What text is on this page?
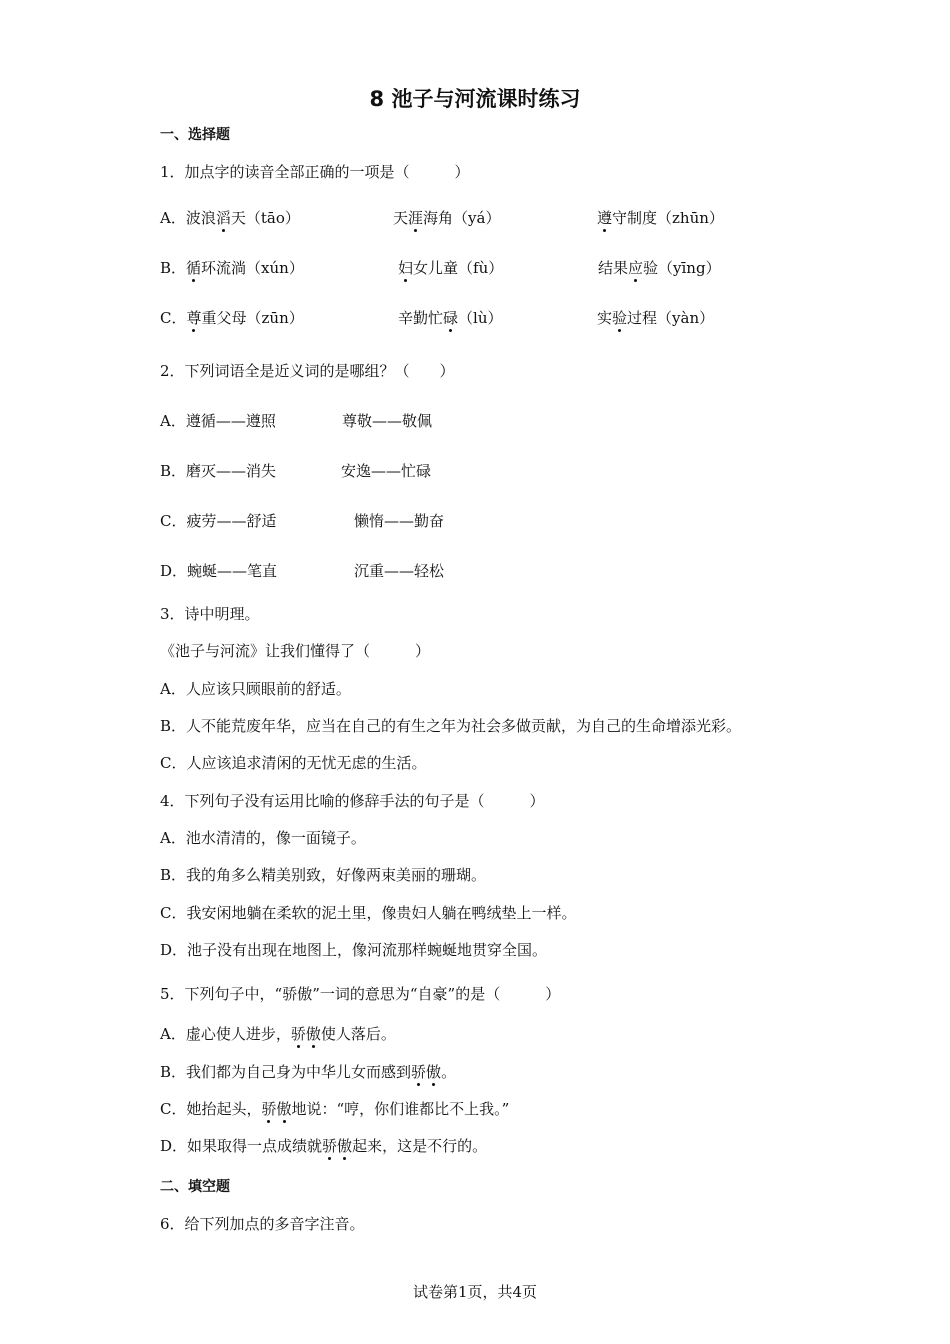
8 池子与河流课时练习
一、选择题
1．加点字的读音全部正确的一项是（　　　）
A．波浪滔天（tāo）	天涯海角（yá）	遵守制度（zhūn）
B．循环流淌（xún）	妇女儿童（fù）	结果应验（yīng）
C．尊重父母（zūn）	辛勤忙碌（lù）	实验过程（yàn）
2．下列词语全是近义词的是哪组？（　　）
A．遵循——遵照	尊敬——敬佩
B．磨灭——消失	安逸——忙碌
C．疲劳——舒适	懒惰——勤奋
D．蜿蜒——笔直	沉重——轻松
3．诗中明理。
《池子与河流》让我们懂得了（　　　）
A．人应该只顾眼前的舒适。
B．人不能荒废年华，应当在自己的有生之年为社会多做贡献，为自己的生命增添光彩。
C．人应该追求清闲的无忧无虑的生活。
4．下列句子没有运用比喻的修辞手法的句子是（　　　）
A．池水清清的，像一面镜子。
B．我的角多么精美别致，好像两束美丽的珊瑚。
C．我安闲地躺在柔软的泥土里，像贵妇人躺在鸭绒垫上一样。
D．池子没有出现在地图上，像河流那样蜿蜒地贯穿全国。
5．下列句子中，“骄傲”一词的意思为“自豪”的是（　　　）
A．虚心使人进步，骄傲使人落后。
B．我们都为自己身为中华儿女而感到骄傲。
C．她抬起头，骄傲地说：“哼，你们谁都比不上我。”
D．如果取得一点成绩就骄傲起来，这是不行的。
二、填空题
6．给下列加点的多音字注音。
试卷第1页，共4页
